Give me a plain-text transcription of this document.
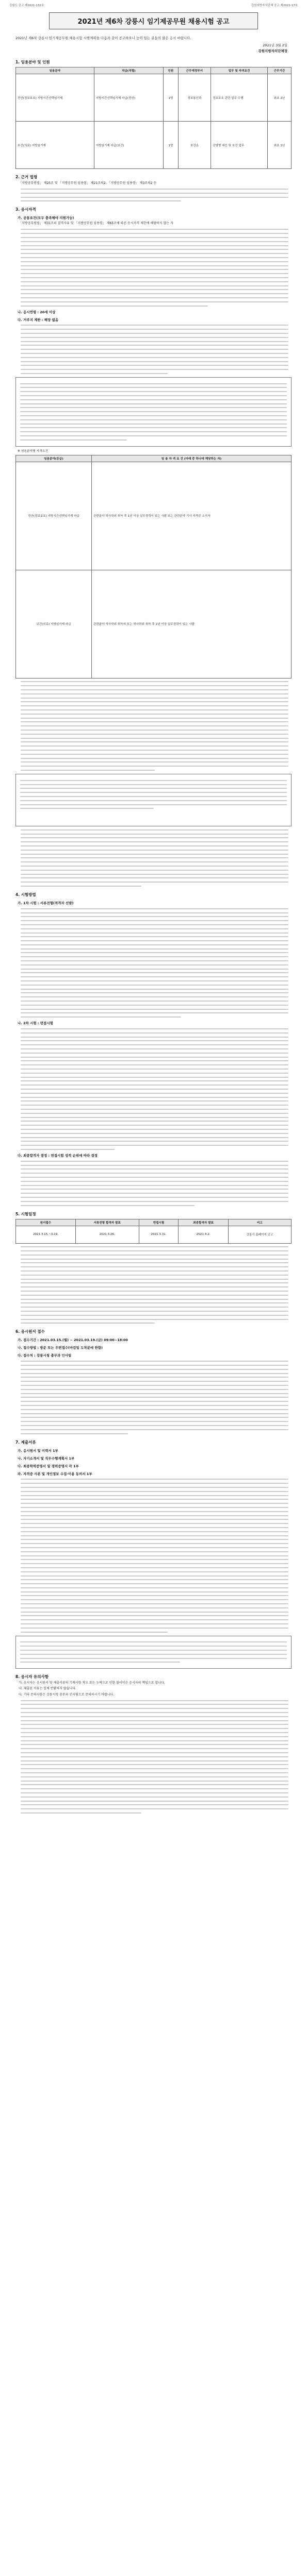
강원도 공고 제2021-132호	강원지방자치단체 공고 제2021-17호
2021년 제6차 강릉시 임기제공무원 채용시험 공고
2021년 제6차 강릉시 임기제공무원 채용시험 시행계획을 다음과 같이 공고하오니 능력 있는 분들의 많은 응시 바랍니다.
2021년 3월 2일
강원지방자치단체장
1. 임용분야 및 인원
임용분야	직급(직렬)	인원	근무예정부서	업무 및 자격요건	근무기간
전산(정보보호) 지방시간선택임기제	지방시간선택임기제 마급(전산)	1명	정보통신과	정보보호 관련 업무 수행	최초 2년
보건(의료) 지방임기제	지방임기제 라급(보건)	1명	보건소	감염병 대응 및 보건 업무	최초 1년
2. 근거 법령
「지방공무원법」 제25조 및 「지방공무원 임용령」 제21조의2, 「지방공무원 임용령」 제3조의2 등
3. 응시자격
가. 공통요건(모두 충족해야 지원가능)
「지방공무원법」 제31조의 결격사유 및 「지방공무원 임용령」 제65조에 따른 응시자격 제한에 해당하지 않는 자
나. 응시연령 : 20세 이상
다. 거주지 제한 : 해당 없음
※ 임용분야별 자격요건
임용분야(등급)	임 용 자 격 요 건 (아래 중 하나에 해당하는 자)
전산(정보보호) 지방시간선택임기제 마급	관련분야 학사학위 취득 후 1년 이상 실무경력이 있는 사람 또는 관련분야 기사 자격증 소지자
보건(의료) 지방임기제 라급	관련분야 석사학위 취득자 또는 학사학위 취득 후 2년 이상 실무경력이 있는 사람
4. 시험방법
가. 1차 시험 : 서류전형(적격자 선발)
나. 2차 시험 : 면접시험
다. 최종합격자 결정 : 면접시험 성적 순위에 따라 결정
5. 시험일정
원서접수	서류전형 합격자 발표	면접시험	최종합격자 발표	비고
2021.3.15.~3.19.	2021.3.26.	2021.3.31.	2021.4.2.	강릉시 홈페이지 공고
6. 응시원서 접수
가. 접수기간 : 2021.03.15.(월) ~ 2021.03.19.(금) 09:00~18:00
나. 접수방법 : 방문 또는 우편접수(마감일 도착분에 한함)
다. 접수처 : 강릉시청 총무과 인사팀
7. 제출서류
가. 응시원서 및 이력서 1부
나. 자기소개서 및 직무수행계획서 1부
다. 최종학력증명서 및 경력증명서 각 1부
라. 자격증 사본 및 개인정보 수집·이용 동의서 1부
8. 응시자 유의사항
가. 응시자는 응시원서 및 제출서류의 기재사항 착오 또는 누락으로 인한 불이익은 응시자의 책임으로 합니다.
나. 제출된 서류는 일체 반환하지 않습니다.
다. 기타 문의사항은 강릉시청 총무과 인사팀으로 문의하시기 바랍니다.
